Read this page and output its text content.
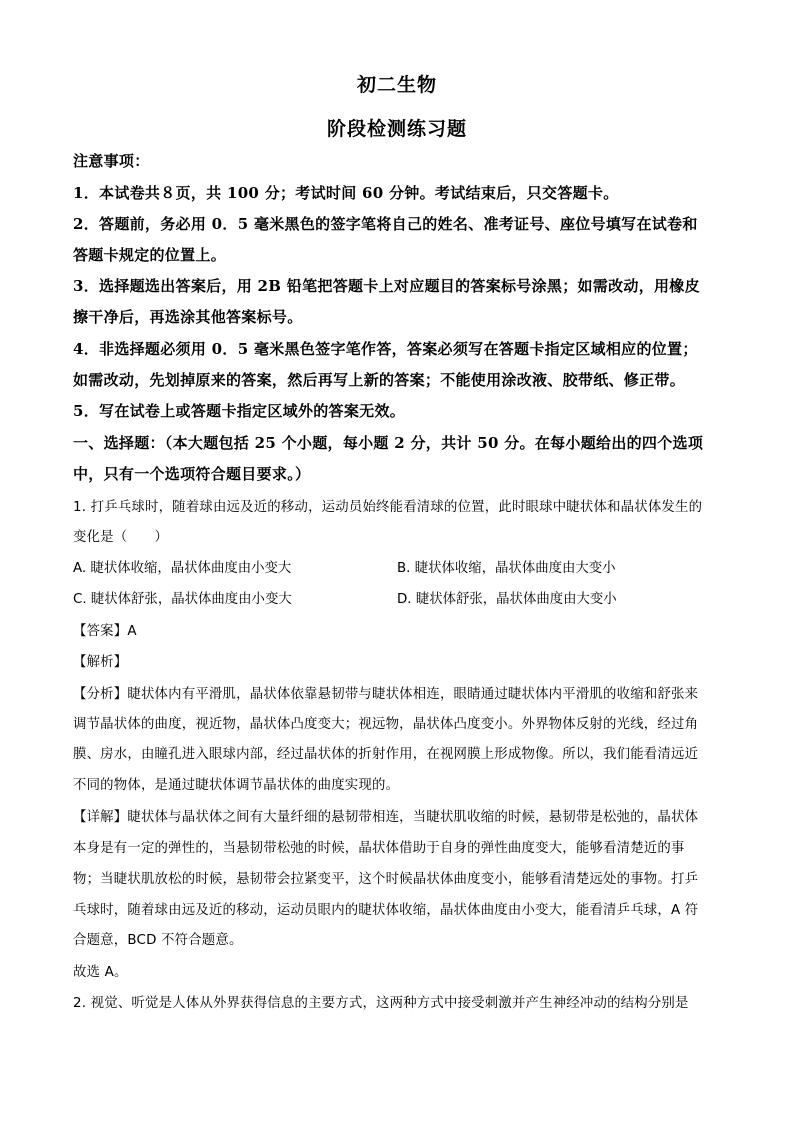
初二生物
阶段检测练习题
注意事项：
1．本试卷共８页，共 100 分；考试时间 60 分钟。考试结束后，只交答题卡。
2．答题前，务必用 0．5 毫米黑色的签字笔将自己的姓名、准考证号、座位号填写在试卷和
答题卡规定的位置上。
3．选择题选出答案后，用 2B 铅笔把答题卡上对应题目的答案标号涂黑；如需改动，用橡皮
擦干净后，再选涂其他答案标号。
4．非选择题必须用 0．5 毫米黑色签字笔作答，答案必须写在答题卡指定区域相应的位置；
如需改动，先划掉原来的答案，然后再写上新的答案；不能使用涂改液、胶带纸、修正带。
5．写在试卷上或答题卡指定区域外的答案无效。
一、选择题：（本大题包括 25 个小题，每小题 2 分，共计 50 分。在每小题给出的四个选项
中，只有一个选项符合题目要求。）
1. 打乒乓球时，随着球由远及近的移动，运动员始终能看清球的位置，此时眼球中睫状体和晶状体发生的
变化是（　　）
A. 睫状体收缩，晶状体曲度由小变大	B. 睫状体收缩，晶状体曲度由大变小
C. 睫状体舒张，晶状体曲度由小变大	D. 睫状体舒张，晶状体曲度由大变小
【答案】A
【解析】
【分析】睫状体内有平滑肌，晶状体依靠悬韧带与睫状体相连，眼睛通过睫状体内平滑肌的收缩和舒张来
调节晶状体的曲度，视近物，晶状体凸度变大；视远物，晶状体凸度变小。外界物体反射的光线，经过角
膜、房水，由瞳孔进入眼球内部，经过晶状体的折射作用，在视网膜上形成物像。所以，我们能看清远近
不同的物体，是通过睫状体调节晶状体的曲度实现的。
【详解】睫状体与晶状体之间有大量纤细的悬韧带相连，当睫状肌收缩的时候，悬韧带是松弛的，晶状体
本身是有一定的弹性的，当悬韧带松弛的时候，晶状体借助于自身的弹性曲度变大，能够看清楚近的事
物；当睫状肌放松的时候，悬韧带会拉紧变平，这个时候晶状体曲度变小，能够看清楚远处的事物。打乒
乓球时，随着球由远及近的移动，运动员眼内的睫状体收缩，晶状体曲度由小变大，能看清乒乓球，A 符
合题意，BCD 不符合题意。
故选 A。
2. 视觉、听觉是人体从外界获得信息的主要方式，这两种方式中接受刺激并产生神经冲动的结构分别是
